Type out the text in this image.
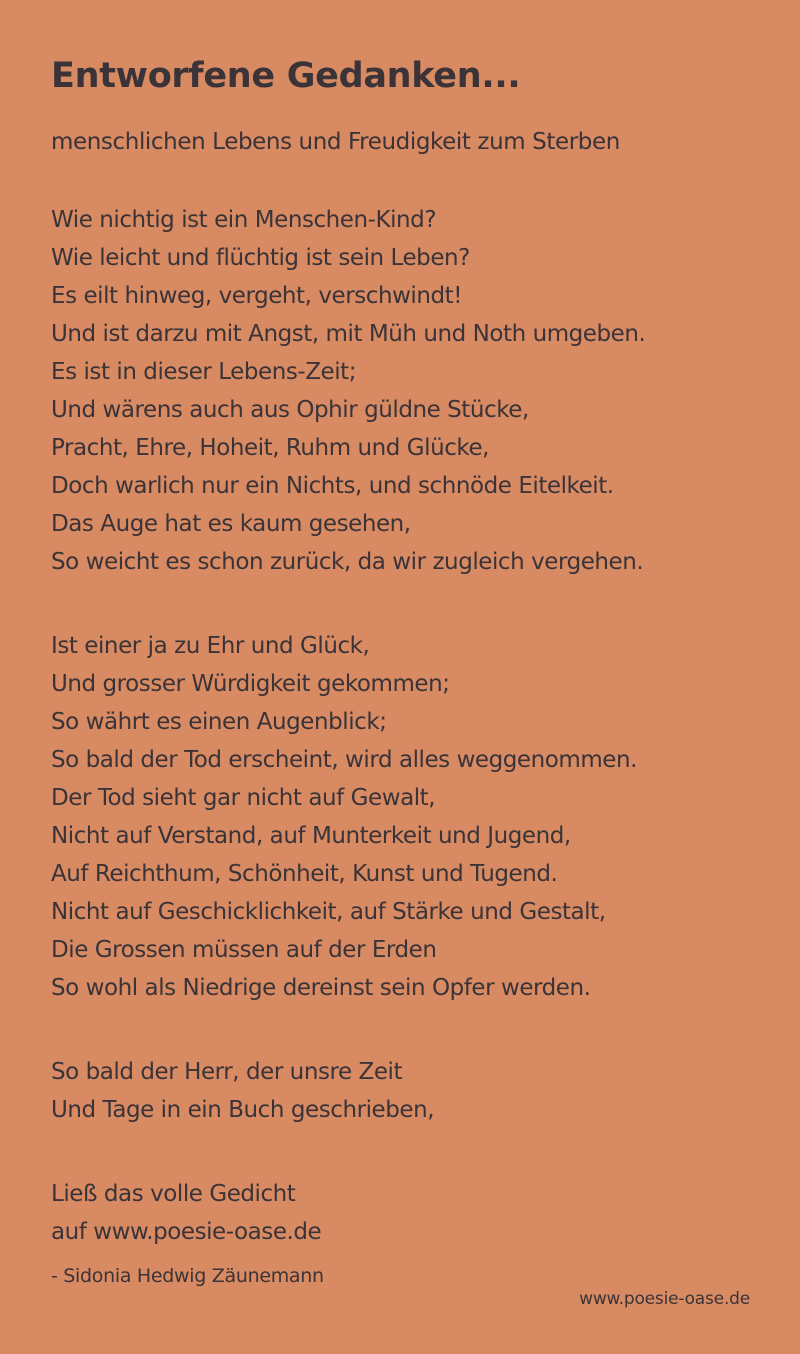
Entworfene Gedanken...

menschlichen Lebens und Freudigkeit zum Sterben

Wie nichtig ist ein Menschen-Kind?
Wie leicht und flüchtig ist sein Leben?
Es eilt hinweg, vergeht, verschwindt!
Und ist darzu mit Angst, mit Müh und Noth umgeben.
Es ist in dieser Lebens-Zeit;
Und wärens auch aus Ophir güldne Stücke,
Pracht, Ehre, Hoheit, Ruhm und Glücke,
Doch warlich nur ein Nichts, und schnöde Eitelkeit.
Das Auge hat es kaum gesehen,
So weicht es schon zurück, da wir zugleich vergehen.
Ist einer ja zu Ehr und Glück,
Und grosser Würdigkeit gekommen;
So währt es einen Augenblick;
So bald der Tod erscheint, wird alles weggenommen.
Der Tod sieht gar nicht auf Gewalt,
Nicht auf Verstand, auf Munterkeit und Jugend,
Auf Reichthum, Schönheit, Kunst und Tugend.
Nicht auf Geschicklichkeit, auf Stärke und Gestalt,
Die Grossen müssen auf der Erden
So wohl als Niedrige dereinst sein Opfer werden.
So bald der Herr, der unsre Zeit
Und Tage in ein Buch geschrieben,
Ließ das volle Gedicht
auf www.poesie-oase.de
- Sidonia Hedwig Zäunemann
www.poesie-oase.de
